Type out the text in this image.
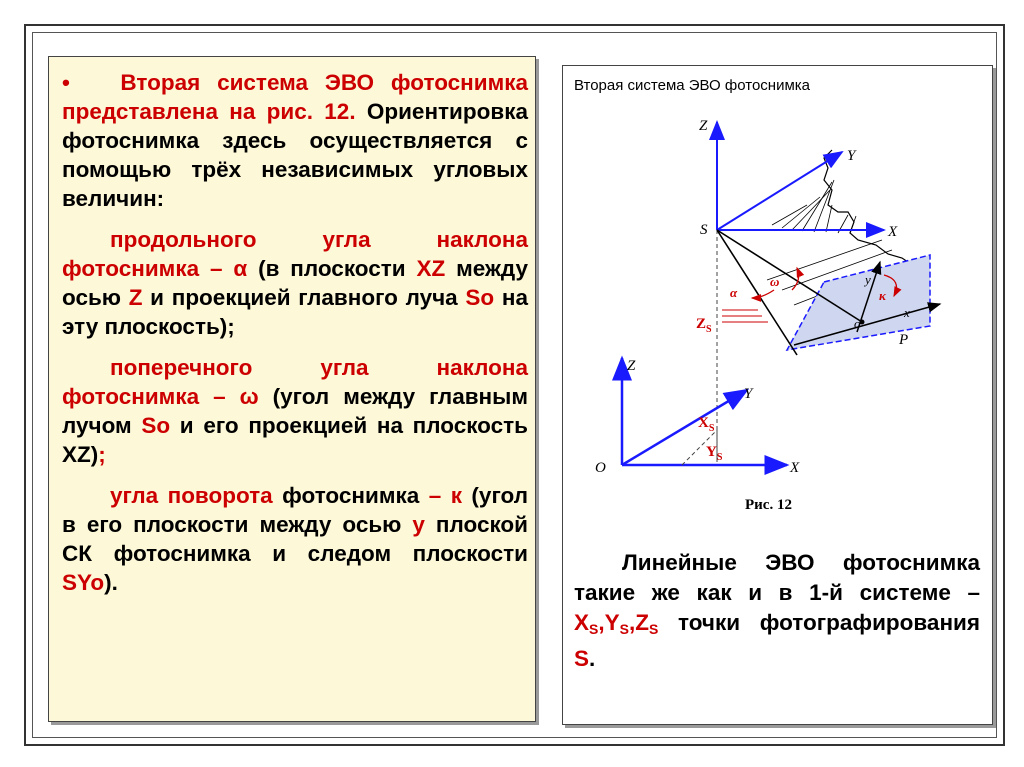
• Вторая система ЭВО фотоснимка представлена на рис. 12. Ориентировка фотоснимка здесь осуществляется с помощью трёх независимых угловых величин:

продольного угла наклона фотоснимка – α (в плоскости XZ между осью Z и проекцией главного луча So на эту плоскость);

поперечного угла наклона фотоснимка – ω (угол между главным лучом So и его проекцией на плоскость XZ);

угла поворота фотоснимка – к (угол в его плоскости между осью у плоской СК фотоснимка и следом плоскости SYo).

Вторая система ЭВО фотоснимка
Z
Y
S	X
y
x
o
P
Z
Y
O	X
α
ω
κ
$Z_S$
$X_S$
$Y_S$
Рис. 12
Линейные ЭВО фотоснимка такие же как и в 1-й системе – $X_S,Y_S,Z_S$ точки фотографирования S.
